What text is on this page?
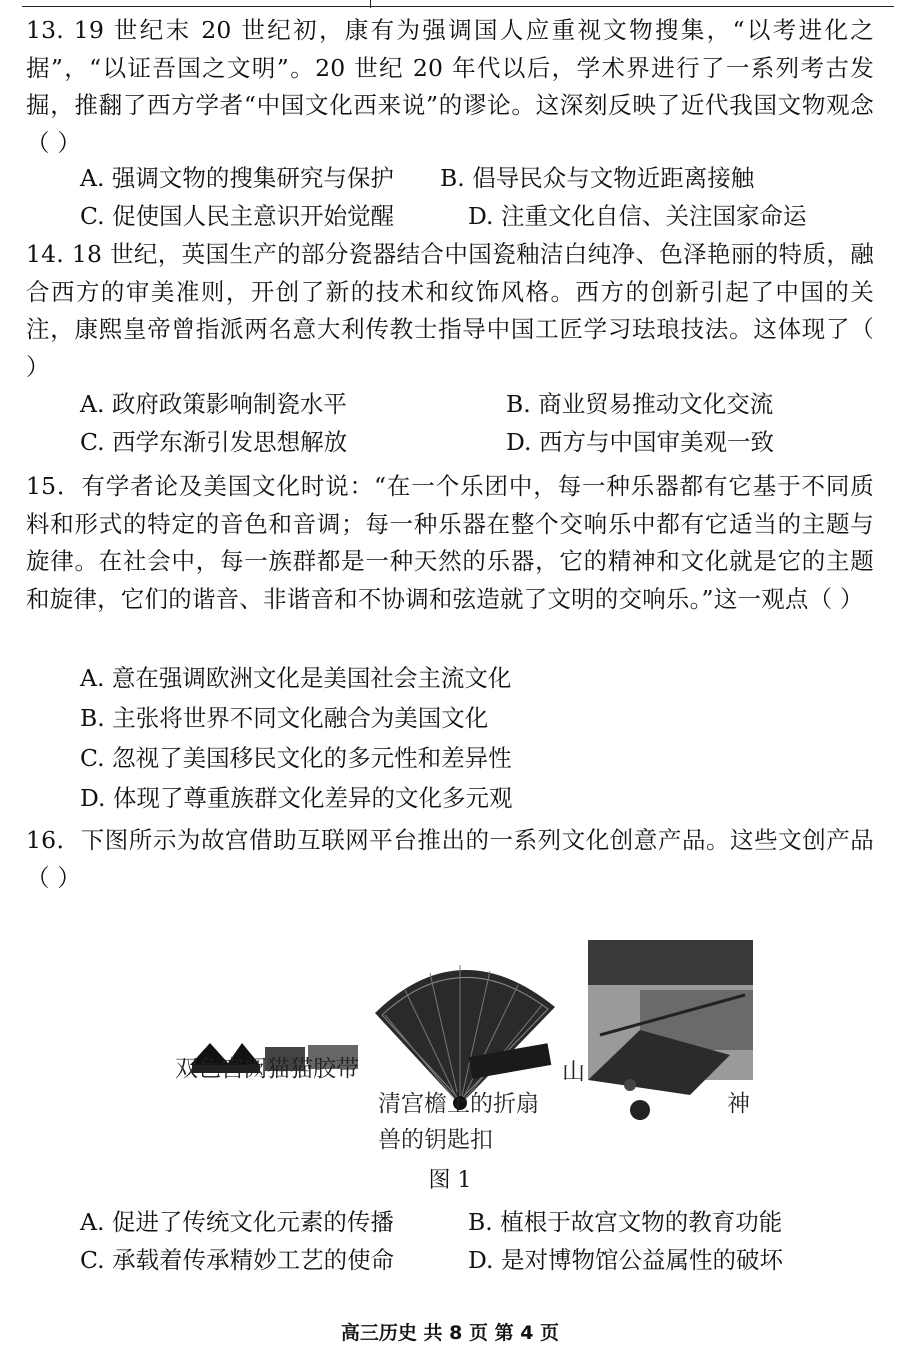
13. 19 世纪末 20 世纪初，康有为强调国人应重视文物搜集，“以考进化之据”，“以证吾国之文明”。20 世纪 20 年代以后，学术界进行了一系列考古发掘，推翻了西方学者“中国文化西来说”的谬论。这深刻反映了近代我国文物观念（ ）
A. 强调文物的搜集研究与保护 B. 倡导民众与文物近距离接触
C. 促使国人民主意识开始觉醒	D. 注重文化自信、关注国家命运
14. 18 世纪，英国生产的部分瓷器结合中国瓷釉洁白纯净、色泽艳丽的特质，融合西方的审美准则，开创了新的技术和纹饰风格。西方的创新引起了中国的关注，康熙皇帝曾指派两名意大利传教士指导中国工匠学习珐琅技法。这体现了（ ）
A. 政府政策影响制瓷水平	B. 商业贸易推动文化交流
C. 西学东渐引发思想解放	D. 西方与中国审美观一致
15．有学者论及美国文化时说：“在一个乐团中，每一种乐器都有它基于不同质料和形式的特定的音色和音调；每一种乐器在整个交响乐中都有它适当的主题与旋律。在社会中，每一族群都是一种天然的乐器，它的精神和文化就是它的主题和旋律，它们的谐音、非谐音和不协调和弦造就了文明的交响乐。”这一观点（ ）
A. 意在强调欧洲文化是美国社会主流文化
B. 主张将世界不同文化融合为美国文化
C. 忽视了美国移民文化的多元性和差异性
D. 体现了尊重族群文化差异的文化多元观
16．下图所示为故宫借助互联网平台推出的一系列文化创意产品。这些文创产品（ ）
双色宫阙猫猫胶带	山
清宫檐上的折扇	神
兽的钥匙扣
图 1
A. 促进了传统文化元素的传播	B. 植根于故宫文物的教育功能
C. 承载着传承精妙工艺的使命	D. 是对博物馆公益属性的破坏
高三历史 共 8 页 第 4 页
